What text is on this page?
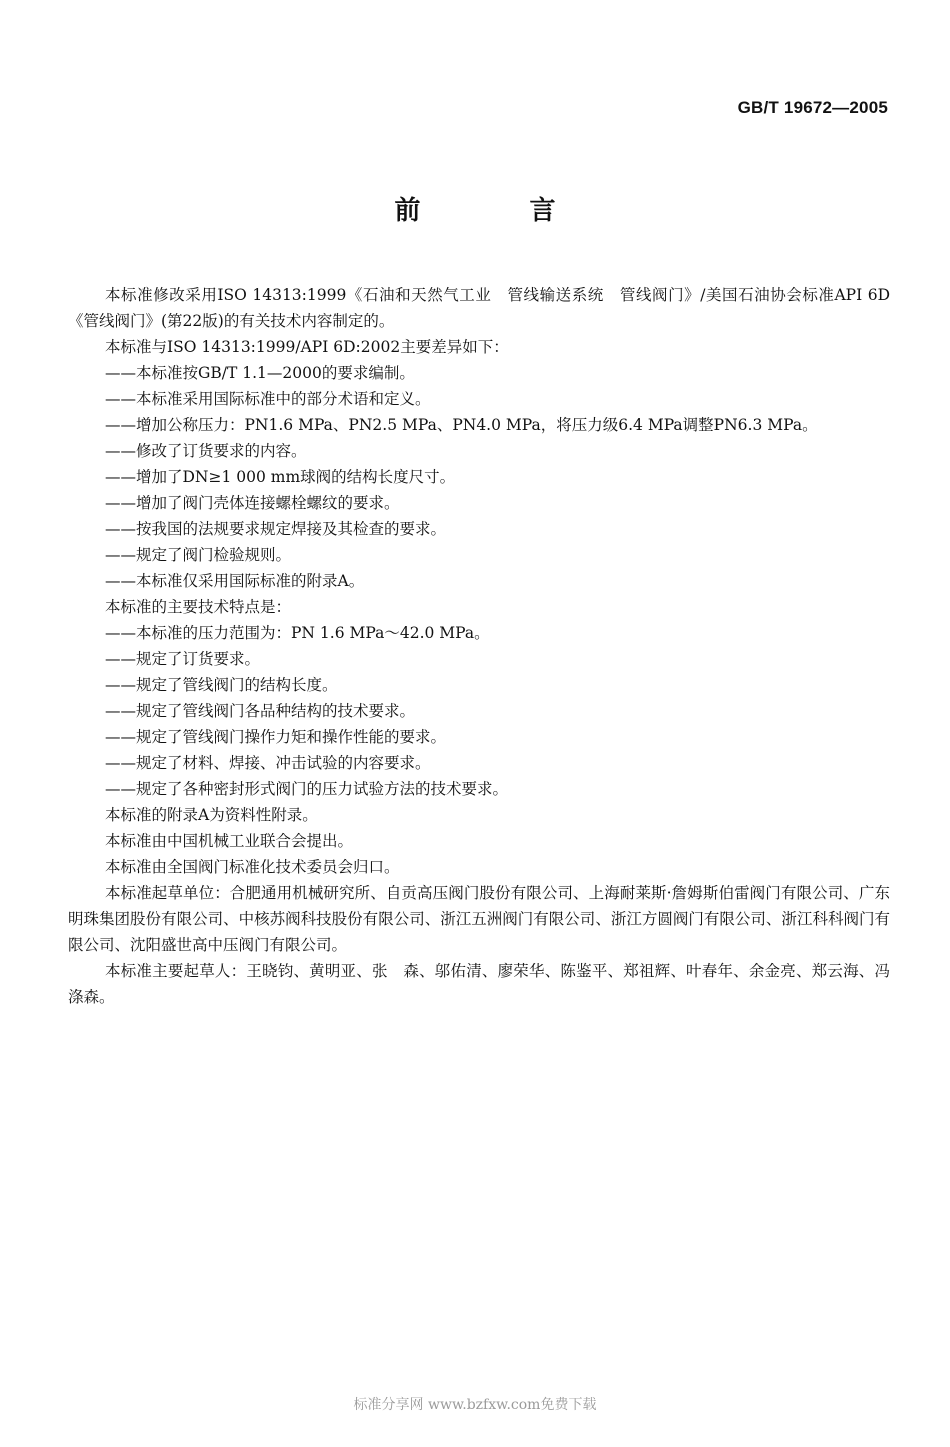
GB/T 19672—2005
前 言

本标准修改采用ISO 14313:1999《石油和天然气工业　管线输送系统　管线阀门》/美国石油协会标准API 6D《管线阀门》(第22版)的有关技术内容制定的。

本标准与ISO 14313:1999/API 6D:2002主要差异如下：

——本标准按GB/T 1.1—2000的要求编制。

——本标准采用国际标准中的部分术语和定义。

——增加公称压力：PN1.6 MPa、PN2.5 MPa、PN4.0 MPa，将压力级6.4 MPa调整PN6.3 MPa。

——修改了订货要求的内容。

——增加了DN≥1 000 mm球阀的结构长度尺寸。

——增加了阀门壳体连接螺栓螺纹的要求。

——按我国的法规要求规定焊接及其检查的要求。

——规定了阀门检验规则。

——本标准仅采用国际标准的附录A。

本标准的主要技术特点是：

——本标准的压力范围为：PN 1.6 MPa～42.0 MPa。

——规定了订货要求。

——规定了管线阀门的结构长度。

——规定了管线阀门各品种结构的技术要求。

——规定了管线阀门操作力矩和操作性能的要求。

——规定了材料、焊接、冲击试验的内容要求。

——规定了各种密封形式阀门的压力试验方法的技术要求。

本标准的附录A为资料性附录。

本标准由中国机械工业联合会提出。

本标准由全国阀门标准化技术委员会归口。

本标准起草单位：合肥通用机械研究所、自贡高压阀门股份有限公司、上海耐莱斯·詹姆斯伯雷阀门有限公司、广东明珠集团股份有限公司、中核苏阀科技股份有限公司、浙江五洲阀门有限公司、浙江方圆阀门有限公司、浙江科科阀门有限公司、沈阳盛世高中压阀门有限公司。

本标准主要起草人：王晓钧、黄明亚、张　森、邬佑清、廖荣华、陈鉴平、郑祖辉、叶春年、余金亮、郑云海、冯涤森。

标准分享网 www.bzfxw.com免费下载
